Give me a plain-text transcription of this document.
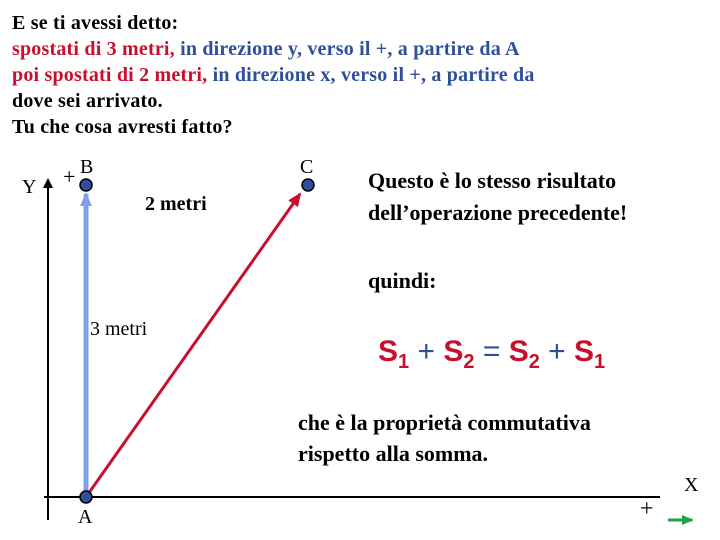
E se ti avessi detto:
spostati di 3 metri, in direzione y, verso il +, a partire da A
poi spostati di 2 metri, in direzione x, verso il +, a partire da
dove sei arrivato.
Tu che cosa avresti fatto?
Y + B	C
A
X
+
2 metri
3 metri
Questo è lo stesso risultato
dell’operazione precedente!
quindi:
$S_1 + S_2 = S_2 + S_1$
che è la proprietà commutativa
rispetto alla somma.
